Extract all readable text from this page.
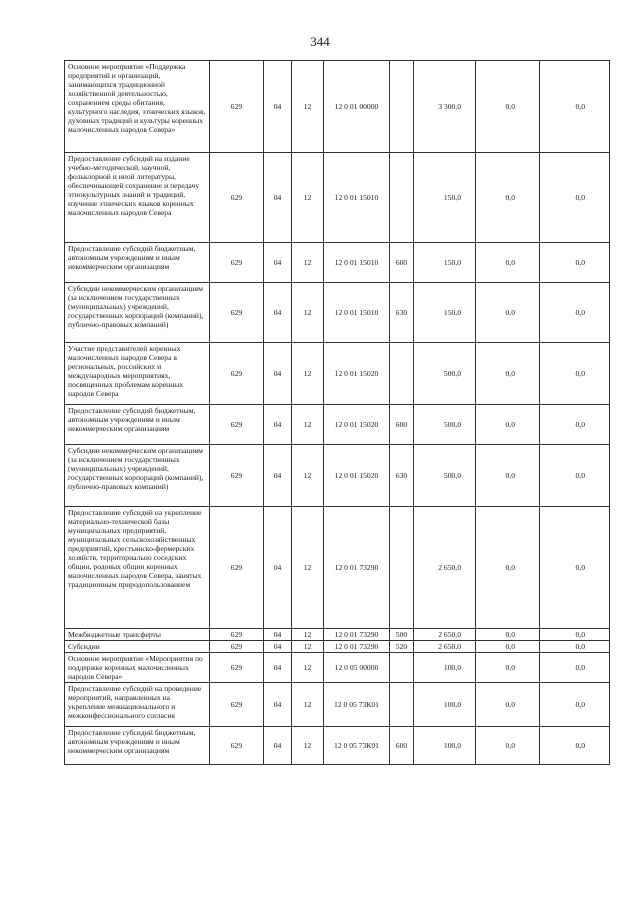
344
Основное мероприятие «Поддержка предприятий и организаций, занимающихся традиционной хозяйственной деятельностью, сохранением среды обитания, культурного наследия, этнических языков, духовных традиций и культуры коренных малочисленных народов Севера»	629	04	12	12 0 01 00000		3 300,0	0,0	0,0
Предоставление субсидий на издание учебно-методической, научной, фольклорной и иной литературы, обеспечивающей сохранение и передачу этнокультурных знаний и традиций, изучение этнических языков коренных малочисленных народов Севера	629	04	12	12 0 01 15010		150,0	0,0	0,0
Предоставление субсидий бюджетным, автономным учреждениям и иным некоммерческим организациям	629	04	12	12 0 01 15010	600	150,0	0,0	0,0
Субсидии некоммерческим организациям (за исключением государственных (муниципальных) учреждений, государственных корпораций (компаний), публично-правовых компаний)	629	04	12	12 0 01 15010	630	150,0	0,0	0,0
Участие представителей коренных малочисленных народов Севера в региональных, российских и международных мероприятиях, посвященных проблемам коренных народов Севера	629	04	12	12 0 01 15020		500,0	0,0	0,0
Предоставление субсидий бюджетным, автономным учреждениям и иным некоммерческим организациям	629	04	12	12 0 01 15020	600	500,0	0,0	0,0
Субсидии некоммерческим организациям (за исключением государственных (муниципальных) учреждений, государственных корпораций (компаний), публично-правовых компаний)	629	04	12	12 0 01 15020	630	500,0	0,0	0,0
Предоставление субсидий на укрепление материально-технической базы муниципальных предприятий, муниципальных сельскохозяйственных предприятий, крестьянско-фермерских хозяйств, территориально соседских общин, родовых общин коренных малочисленных народов Севера, занятых традиционным природопользованием	629	04	12	12 0 01 73290		2 650,0	0,0	0,0
Межбюджетные трансферты	629	04	12	12 0 01 73290	500	2 650,0	0,0	0,0
Субсидии	629	04	12	12 0 01 73290	520	2 650,0	0,0	0,0
Основное мероприятие «Мероприятия по поддержке коренных малочисленных народов Севера»	629	04	12	12 0 05 00000		100,0	0,0	0,0
Предоставление субсидий на проведение мероприятий, направленных на укрепление межнационального и межконфессионального согласия	629	04	12	12 0 05 73К01		100,0	0,0	0,0
Предоставление субсидий бюджетным, автономным учреждениям и иным некоммерческим организациям	629	04	12	12 0 05 73К01	600	100,0	0,0	0,0
